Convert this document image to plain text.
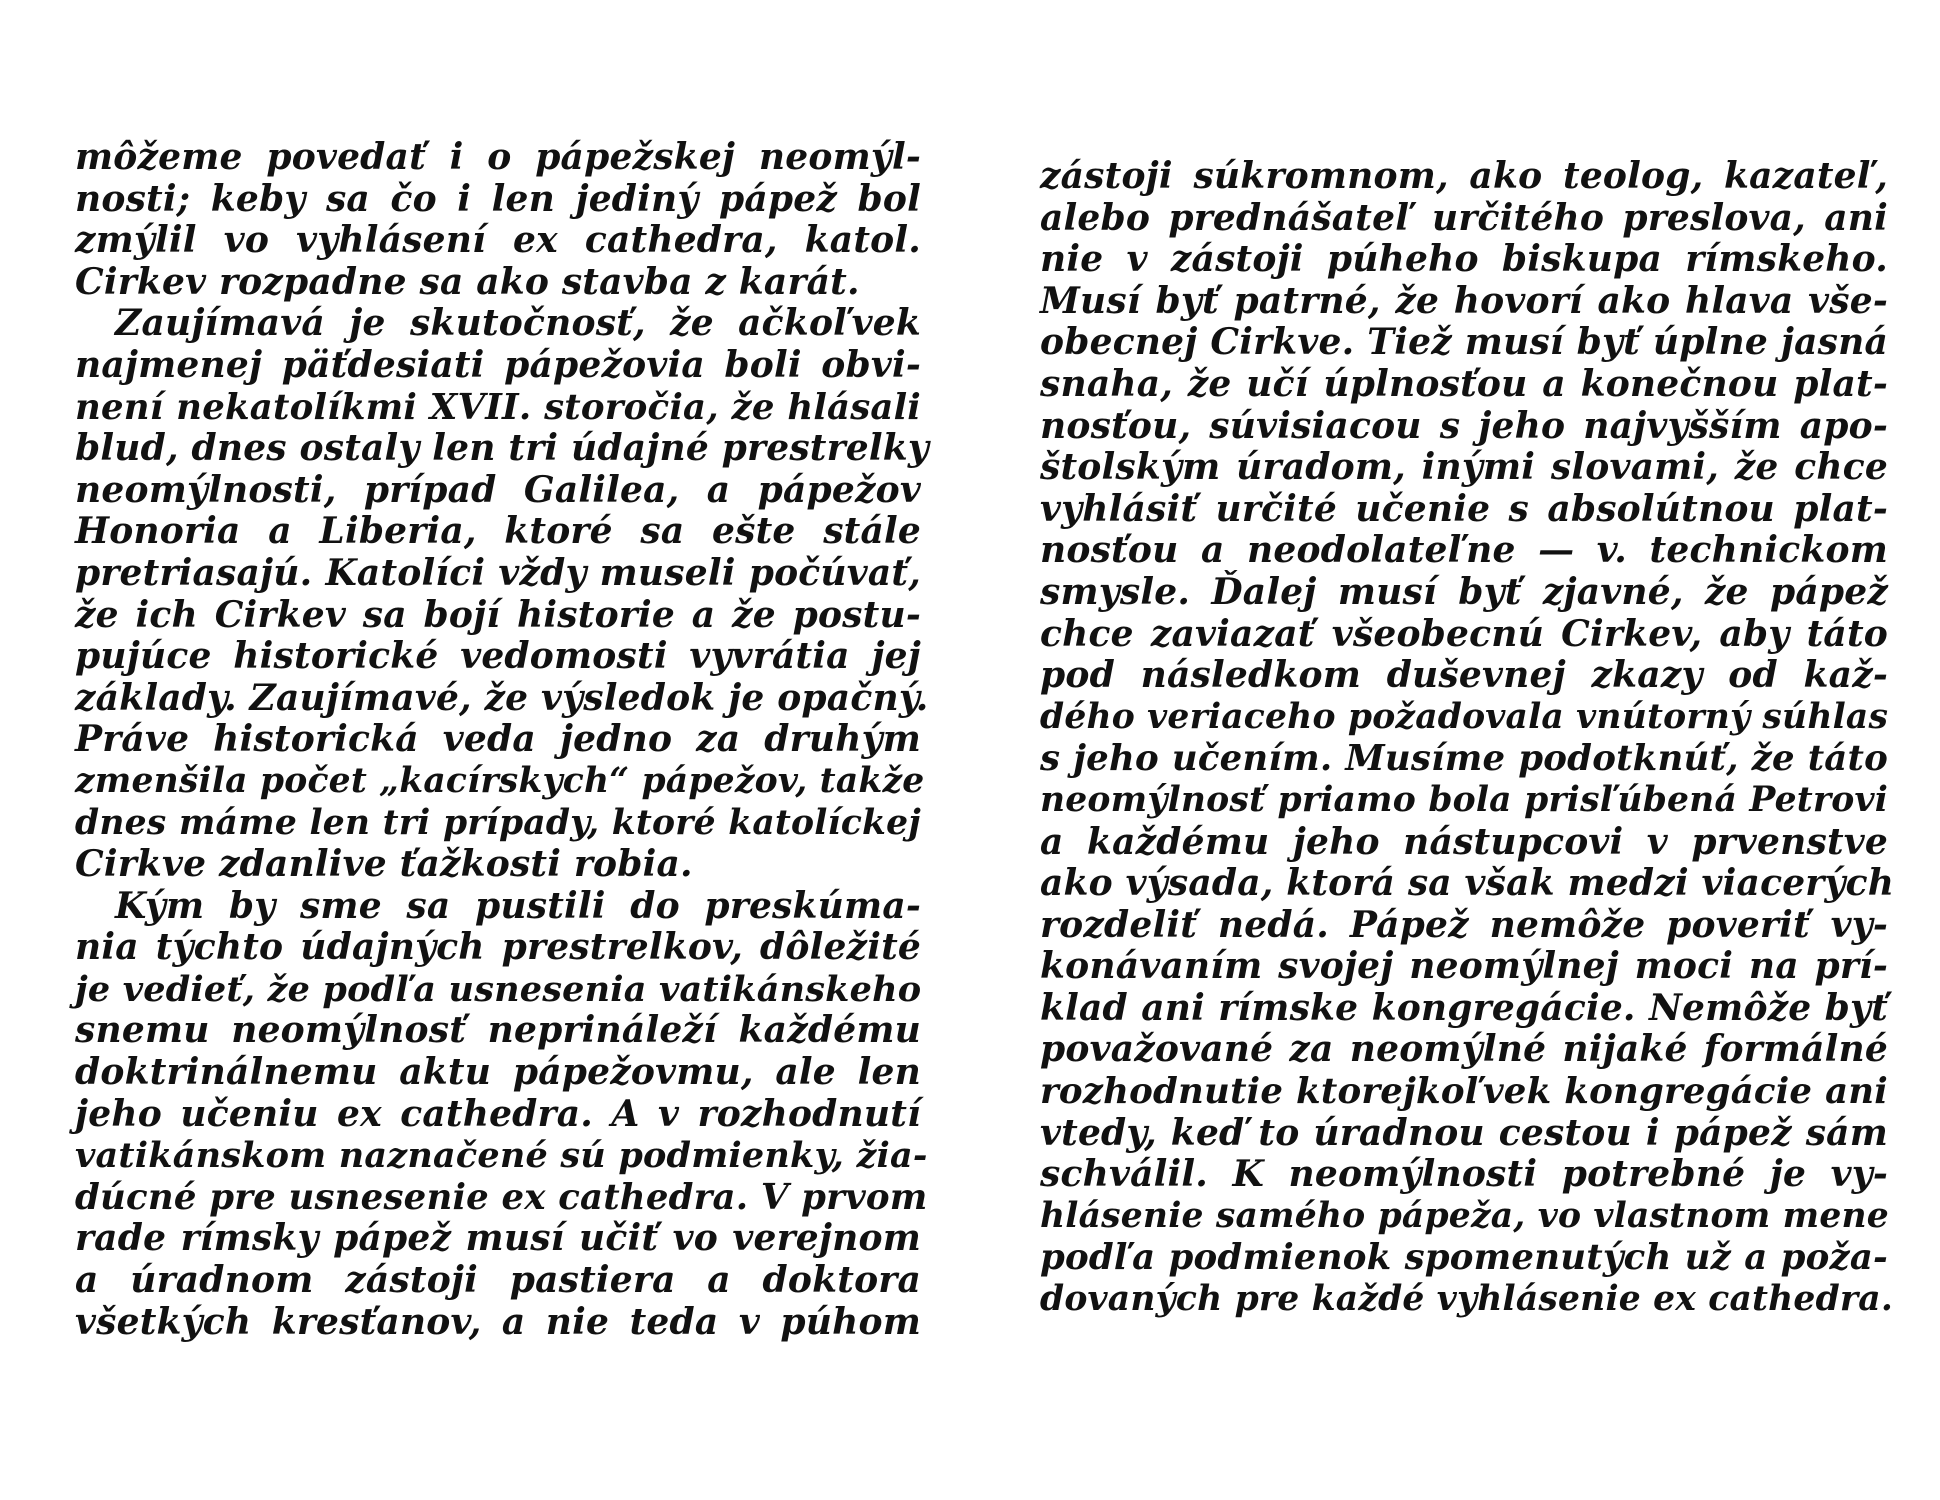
môžeme povedať i o pápežskej neomýl-
nosti; keby sa čo i len jediný pápež bol
zmýlil vo vyhlásení ex cathedra, katol.
Cirkev rozpadne sa ako stavba z karát.
Zaujímavá je skutočnosť, že ačkoľvek
najmenej päťdesiati pápežovia boli obvi-
není nekatolíkmi XVII. storočia, že hlásali
blud, dnes ostaly len tri údajné prestrelky
neomýlnosti, prípad Galilea, a pápežov
Honoria a Liberia, ktoré sa ešte stále
pretriasajú. Katolíci vždy museli počúvať,
že ich Cirkev sa bojí historie a že postu-
pujúce historické vedomosti vyvrátia jej
základy. Zaujímavé, že výsledok je opačný.
Práve historická veda jedno za druhým
zmenšila počet „kacírskych“ pápežov, takže
dnes máme len tri prípady, ktoré katolíckej
Cirkve zdanlive ťažkosti robia.
Kým by sme sa pustili do preskúma-
nia týchto údajných prestrelkov, dôležité
je vedieť, že podľa usnesenia vatikánskeho
snemu neomýlnosť neprináleží každému
doktrinálnemu aktu pápežovmu, ale len
jeho učeniu ex cathedra. A v rozhodnutí
vatikánskom naznačené sú podmienky, žia-
dúcné pre usnesenie ex cathedra. V prvom
rade rímsky pápež musí učiť vo verejnom
a úradnom zástoji pastiera a doktora
všetkých kresťanov, a nie teda v púhom
zástoji súkromnom, ako teolog, kazateľ,
alebo prednášateľ určitého preslova, ani
nie v zástoji púheho biskupa rímskeho.
Musí byť patrné, že hovorí ako hlava vše-
obecnej Cirkve. Tiež musí byť úplne jasná
snaha, že učí úplnosťou a konečnou plat-
nosťou, súvisiacou s jeho najvyšším apo-
štolským úradom, inými slovami, že chce
vyhlásiť určité učenie s absolútnou plat-
nosťou a neodolateľne — v. technickom
smysle. Ďalej musí byť zjavné, že pápež
chce zaviazať všeobecnú Cirkev, aby táto
pod následkom duševnej zkazy od kaž-
dého veriaceho požadovala vnútorný súhlas
s jeho učením. Musíme podotknúť, že táto
neomýlnosť priamo bola prisľúbená Petrovi
a každému jeho nástupcovi v prvenstve
ako výsada, ktorá sa však medzi viacerých
rozdeliť nedá. Pápež nemôže poveriť vy-
konávaním svojej neomýlnej moci na prí-
klad ani rímske kongregácie. Nemôže byť
považované za neomýlné nijaké formálné
rozhodnutie ktorejkoľvek kongregácie ani
vtedy, keď to úradnou cestou i pápež sám
schválil. K neomýlnosti potrebné je vy-
hlásenie samého pápeža, vo vlastnom mene
podľa podmienok spomenutých už a poža-
dovaných pre každé vyhlásenie ex cathedra.
